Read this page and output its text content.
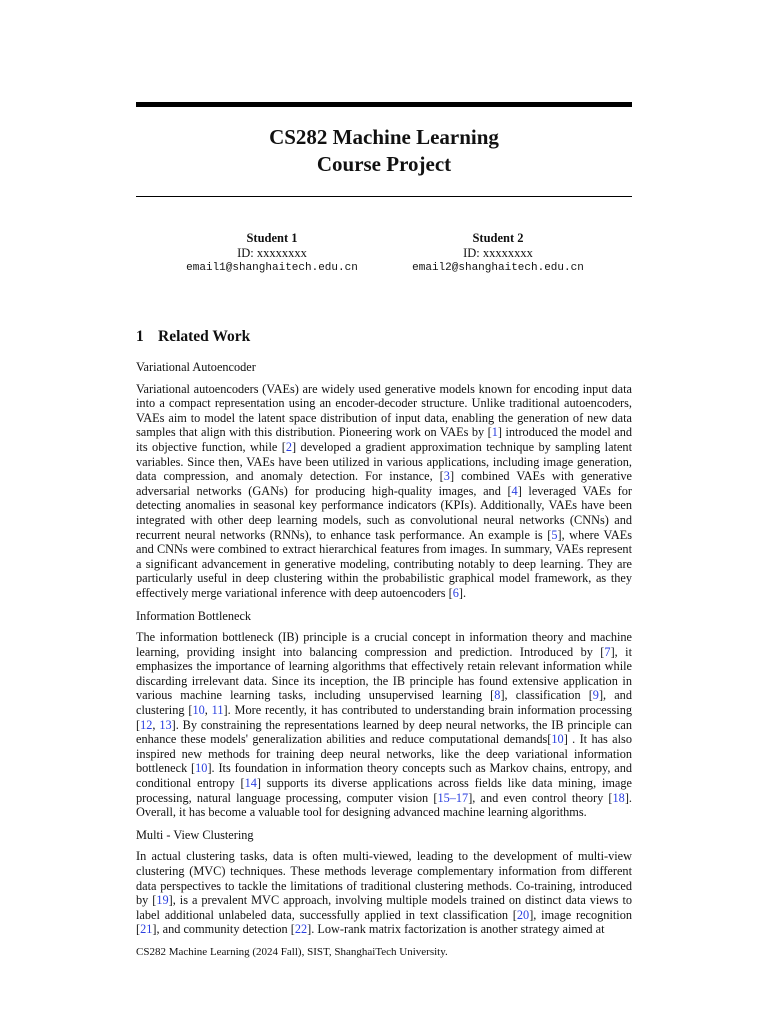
CS282 Machine Learning
Course Project
Student 1
ID: xxxxxxxx
email1@shanghaitech.edu.cn
Student 2
ID: xxxxxxxx
email2@shanghaitech.edu.cn
1 Related Work
Variational Autoencoder

Variational autoencoders (VAEs) are widely used generative models known for encoding input data into a compact representation using an encoder-decoder structure. Unlike traditional autoencoders, VAEs aim to model the latent space distribution of input data, enabling the generation of new data samples that align with this distribution. Pioneering work on VAEs by [1] introduced the model and its objective function, while [2] developed a gradient approximation technique by sampling latent variables. Since then, VAEs have been utilized in various applications, including image generation, data compression, and anomaly detection. For instance, [3] combined VAEs with generative adversarial networks (GANs) for producing high-quality images, and [4] leveraged VAEs for detecting anomalies in seasonal key performance indicators (KPIs). Additionally, VAEs have been integrated with other deep learning models, such as convolutional neural networks (CNNs) and recurrent neural networks (RNNs), to enhance task performance. An example is [5], where VAEs and CNNs were combined to extract hierarchical features from images. In summary, VAEs represent a significant advancement in generative modeling, contributing notably to deep learning. They are particularly useful in deep clustering within the probabilistic graphical model framework, as they effectively merge variational inference with deep autoencoders [6].

Information Bottleneck

The information bottleneck (IB) principle is a crucial concept in information theory and machine learning, providing insight into balancing compression and prediction. Introduced by [7], it emphasizes the importance of learning algorithms that effectively retain relevant information while discarding irrelevant data. Since its inception, the IB principle has found extensive application in various machine learning tasks, including unsupervised learning [8], classification [9], and clustering [10, 11]. More recently, it has contributed to understanding brain information processing [12, 13]. By constraining the representations learned by deep neural networks, the IB principle can enhance these models' generalization abilities and reduce computational demands[10] . It has also inspired new methods for training deep neural networks, like the deep variational information bottleneck [10]. Its foundation in information theory concepts such as Markov chains, entropy, and conditional entropy [14] supports its diverse applications across fields like data mining, image processing, natural language processing, computer vision [15–17], and even control theory [18]. Overall, it has become a valuable tool for designing advanced machine learning algorithms.

Multi - View Clustering

In actual clustering tasks, data is often multi-viewed, leading to the development of multi-view clustering (MVC) techniques. These methods leverage complementary information from different data perspectives to tackle the limitations of traditional clustering methods. Co-training, introduced by [19], is a prevalent MVC approach, involving multiple models trained on distinct data views to label additional unlabeled data, successfully applied in text classification [20], image recognition [21], and community detection [22]. Low-rank matrix factorization is another strategy aimed at

CS282 Machine Learning (2024 Fall), SIST, ShanghaiTech University.
